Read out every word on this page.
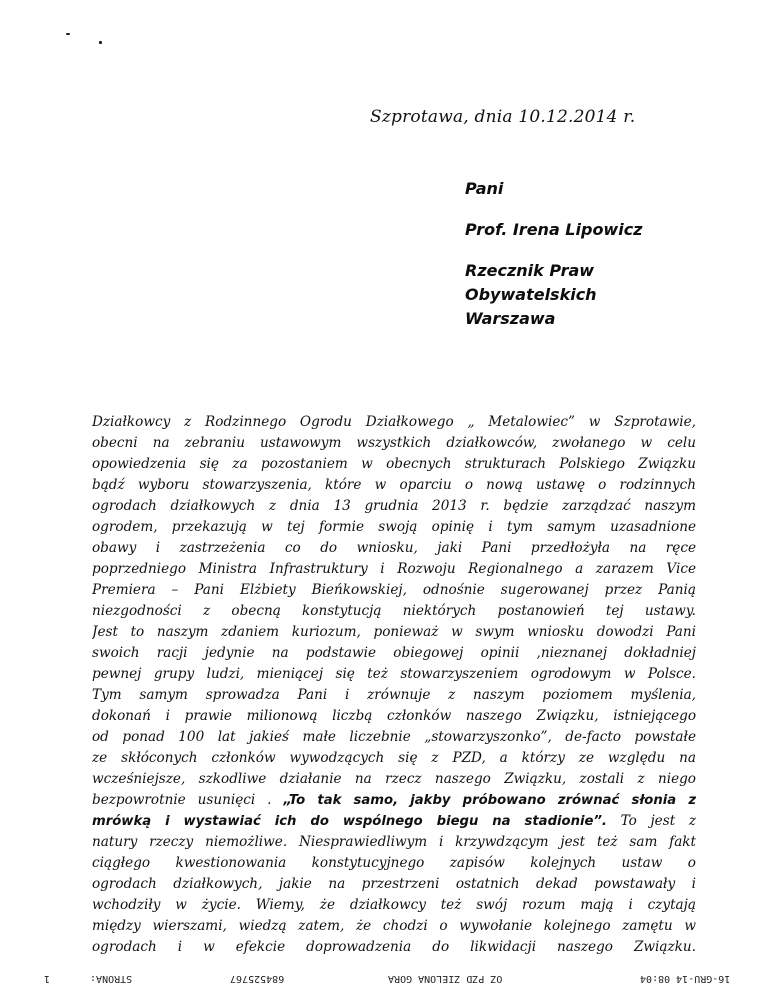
Szprotawa, dnia 10.12.2014 r.

Pani

Prof. Irena Lipowicz

Rzecznik Praw

Obywatelskich

Warszawa

Działkowcy z Rodzinnego Ogrodu Działkowego „ Metalowiec” w Szprotawie,
obecni na zebraniu ustawowym wszystkich działkowców, zwołanego w celu
opowiedzenia się za pozostaniem w obecnych strukturach Polskiego Związku
bądź wyboru stowarzyszenia, które w oparciu o nową ustawę o rodzinnych
ogrodach działkowych z dnia 13 grudnia 2013 r. będzie zarządzać naszym
ogrodem, przekazują w tej formie swoją opinię i tym samym uzasadnione
obawy i zastrzeżenia co do wniosku, jaki Pani przedłożyła na ręce
poprzedniego Ministra Infrastruktury i Rozwoju Regionalnego a zarazem Vice
Premiera – Pani Elżbiety Bieńkowskiej, odnośnie sugerowanej przez Panią
niezgodności z obecną konstytucją niektórych postanowień tej ustawy.
Jest to naszym zdaniem kuriozum, ponieważ w swym wniosku dowodzi Pani
swoich racji jedynie na podstawie obiegowej opinii ,nieznanej dokładniej
pewnej grupy ludzi, mieniącej się też stowarzyszeniem ogrodowym w Polsce.
Tym samym sprowadza Pani i zrównuje z naszym poziomem myślenia,
dokonań i prawie milionową liczbą członków naszego Związku, istniejącego
od ponad 100 lat jakieś małe liczebnie „stowarzyszonko”, de-facto powstałe
ze skłóconych członków wywodzących się z PZD, a którzy ze względu na
wcześniejsze, szkodliwe działanie na rzecz naszego Związku, zostali z niego
bezpowrotnie usunięci . „To tak samo, jakby próbowano zrównać słonia z
mrówką i wystawiać ich do wspólnego biegu na stadionie”. To jest z
natury rzeczy niemożliwe. Niesprawiedliwym i krzywdzącym jest też sam fakt
ciągłego kwestionowania konstytucyjnego zapisów kolejnych ustaw o
ogrodach działkowych, jakie na przestrzeni ostatnich dekad powstawały i
wchodziły w życie. Wiemy, że działkowcy też swój rozum mają i czytają
między wierszami, wiedzą zatem, że chodzi o wywołanie kolejnego zamętu w
ogrodach i w efekcie doprowadzenia do likwidacji naszego Związku.
1	STRONA:	684525767	OZ PZD ZIELONA GORA	16-GRU-14 08:04
